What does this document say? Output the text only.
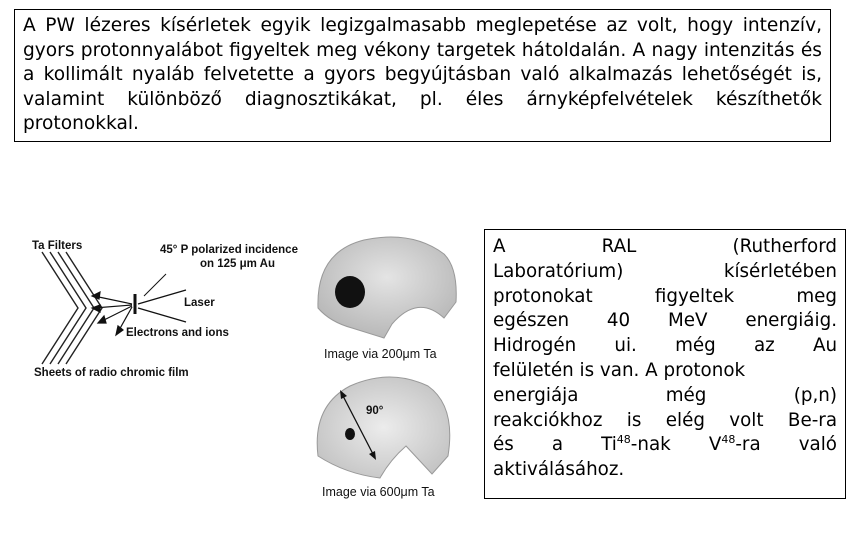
A PW lézeres kísérletek egyik legizgalmasabb meglepetése az volt, hogy intenzív, gyors protonnyalábot figyeltek meg vékony targetek hátoldalán. A nagy intenzitás és a kollimált nyaláb felvetette a gyors begyújtásban való alkalmazás lehetőségét is, valamint különböző diagnosztikákat, pl. éles árnyképfelvételek készíthetők protonokkal.
Ta Filters	45° P polarized incidence
on 125 μm Au
Laser
Electrons and ions
Sheets of radio chromic film
Image via 200μm Ta
90°
Image via 600μm Ta
A	RAL	(Rutherford
Laboratórium)	kísérletében
protonokat	figyeltek	meg
egészen 40 MeV energiáig.
Hidrogén ui. még az Au
felületén is van. A protonok
energiája	még	(p,n)
reakciókhoz is elég volt Be-ra
és a Ti$^{48}$-nak $V^{48}-ra$ való
aktiválásához.
